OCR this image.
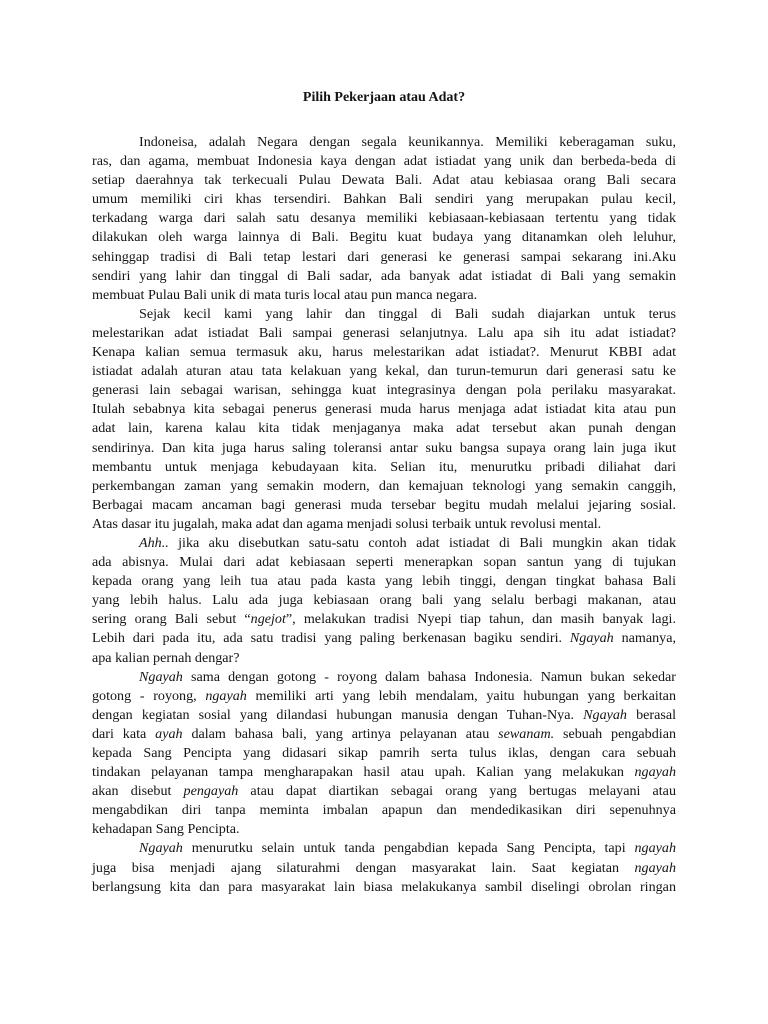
Pilih Pekerjaan atau Adat?
Indoneisa, adalah Negara dengan segala keunikannya. Memiliki keberagaman suku,
ras, dan agama, membuat Indonesia kaya dengan adat istiadat yang unik dan berbeda-beda di
setiap daerahnya tak terkecuali Pulau Dewata Bali. Adat atau kebiasaa orang Bali secara
umum memiliki ciri khas tersendiri. Bahkan Bali sendiri yang merupakan pulau kecil,
terkadang warga dari salah satu desanya memiliki kebiasaan-kebiasaan tertentu yang tidak
dilakukan oleh warga lainnya di Bali. Begitu kuat budaya yang ditanamkan oleh leluhur,
sehinggap tradisi di Bali tetap lestari dari generasi ke generasi sampai sekarang ini.Aku
sendiri yang lahir dan tinggal di Bali sadar, ada banyak adat istiadat di Bali yang semakin
membuat Pulau Bali unik di mata turis local atau pun manca negara.
Sejak kecil kami yang lahir dan tinggal di Bali sudah diajarkan untuk terus
melestarikan adat istiadat Bali sampai generasi selanjutnya. Lalu apa sih itu adat istiadat?
Kenapa kalian semua termasuk aku, harus melestarikan adat istiadat?. Menurut KBBI adat
istiadat adalah aturan atau tata kelakuan yang kekal, dan turun-temurun dari generasi satu ke
generasi lain sebagai warisan, sehingga kuat integrasinya dengan pola perilaku masyarakat.
Itulah sebabnya kita sebagai penerus generasi muda harus menjaga adat istiadat kita atau pun
adat lain, karena kalau kita tidak menjaganya maka adat tersebut akan punah dengan
sendirinya. Dan kita juga harus saling toleransi antar suku bangsa supaya orang lain juga ikut
membantu untuk menjaga kebudayaan kita. Selian itu, menurutku pribadi diliahat dari
perkembangan zaman yang semakin modern, dan kemajuan teknologi yang semakin canggih,
Berbagai macam ancaman bagi generasi muda tersebar begitu mudah melalui jejaring sosial.
Atas dasar itu jugalah, maka adat dan agama menjadi solusi terbaik untuk revolusi mental.
Ahh.. jika aku disebutkan satu-satu contoh adat istiadat di Bali mungkin akan tidak
ada abisnya. Mulai dari adat kebiasaan seperti menerapkan sopan santun yang di tujukan
kepada orang yang leih tua atau pada kasta yang lebih tinggi, dengan tingkat bahasa Bali
yang lebih halus. Lalu ada juga kebiasaan orang bali yang selalu berbagi makanan, atau
sering orang Bali sebut “ngejot”, melakukan tradisi Nyepi tiap tahun, dan masih banyak lagi.
Lebih dari pada itu, ada satu tradisi yang paling berkenasan bagiku sendiri. Ngayah namanya,
apa kalian pernah dengar?
Ngayah sama dengan gotong - royong dalam bahasa Indonesia. Namun bukan sekedar
gotong - royong, ngayah memiliki arti yang lebih mendalam, yaitu hubungan yang berkaitan
dengan kegiatan sosial yang dilandasi hubungan manusia dengan Tuhan-Nya. Ngayah berasal
dari kata ayah dalam bahasa bali, yang artinya pelayanan atau sewanam. sebuah pengabdian
kepada Sang Pencipta yang didasari sikap pamrih serta tulus iklas, dengan cara sebuah
tindakan pelayanan tampa mengharapakan hasil atau upah. Kalian yang melakukan ngayah
akan disebut pengayah atau dapat diartikan sebagai orang yang bertugas melayani atau
mengabdikan diri tanpa meminta imbalan apapun dan mendedikasikan diri sepenuhnya
kehadapan Sang Pencipta.
Ngayah menurutku selain untuk tanda pengabdian kepada Sang Pencipta, tapi ngayah
juga bisa menjadi ajang silaturahmi dengan masyarakat lain. Saat kegiatan ngayah
berlangsung kita dan para masyarakat lain biasa melakukanya sambil diselingi obrolan ringan
